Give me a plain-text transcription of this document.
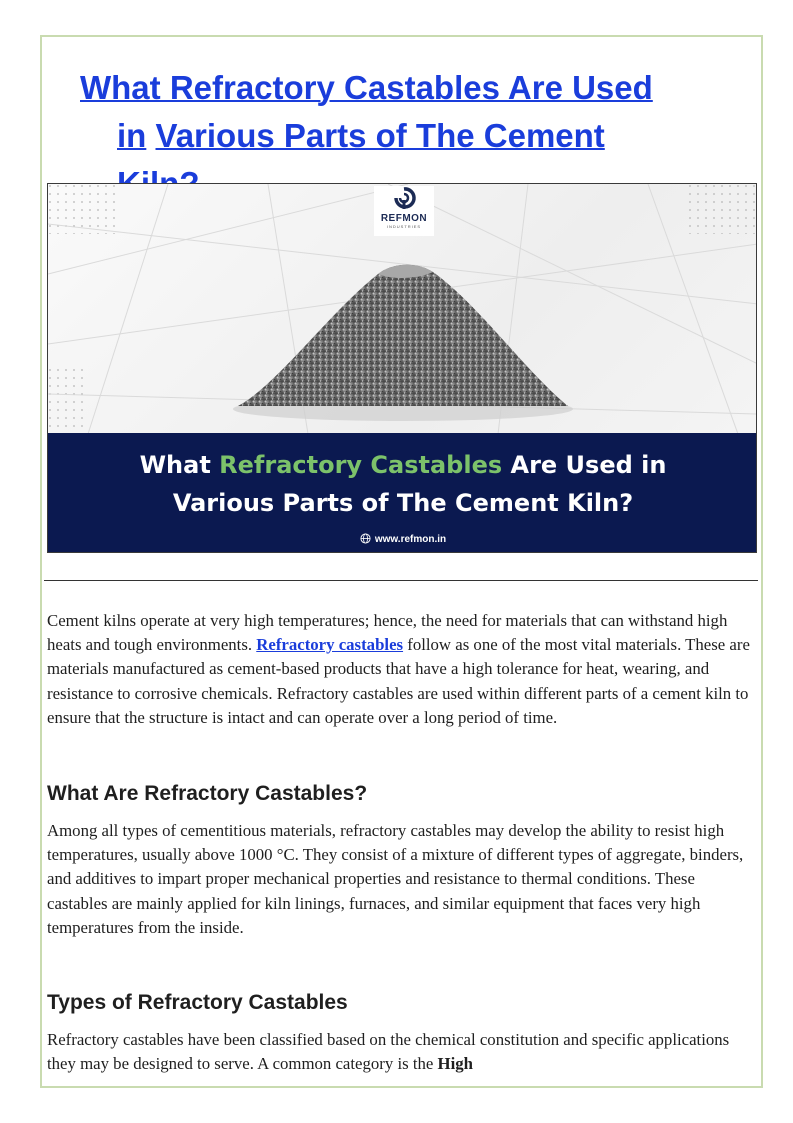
What Refractory Castables Are Used
in Various Parts of The Cement
REFMON
INDUSTRIES
What Refractory Castables Are Used in
Various Parts of The Cement Kiln?
www.refmon.in

Cement kilns operate at very high temperatures; hence, the need for materials that can withstand high heats and tough environments. Refractory castables follow as one of the most vital materials. These are materials manufactured as cement-based products that have a high tolerance for heat, wearing, and resistance to corrosive chemicals. Refractory castables are used within different parts of a cement kiln to ensure that the structure is intact and can operate over a long period of time.

What Are Refractory Castables?

Among all types of cementitious materials, refractory castables may develop the ability to resist high temperatures, usually above 1000 °C. They consist of a mixture of different types of aggregate, binders, and additives to impart proper mechanical properties and resistance to thermal conditions. These castables are mainly applied for kiln linings, furnaces, and similar equipment that faces very high temperatures from the inside.

Types of Refractory Castables

Refractory castables have been classified based on the chemical constitution and specific applications they may be designed to serve. A common category is the High
